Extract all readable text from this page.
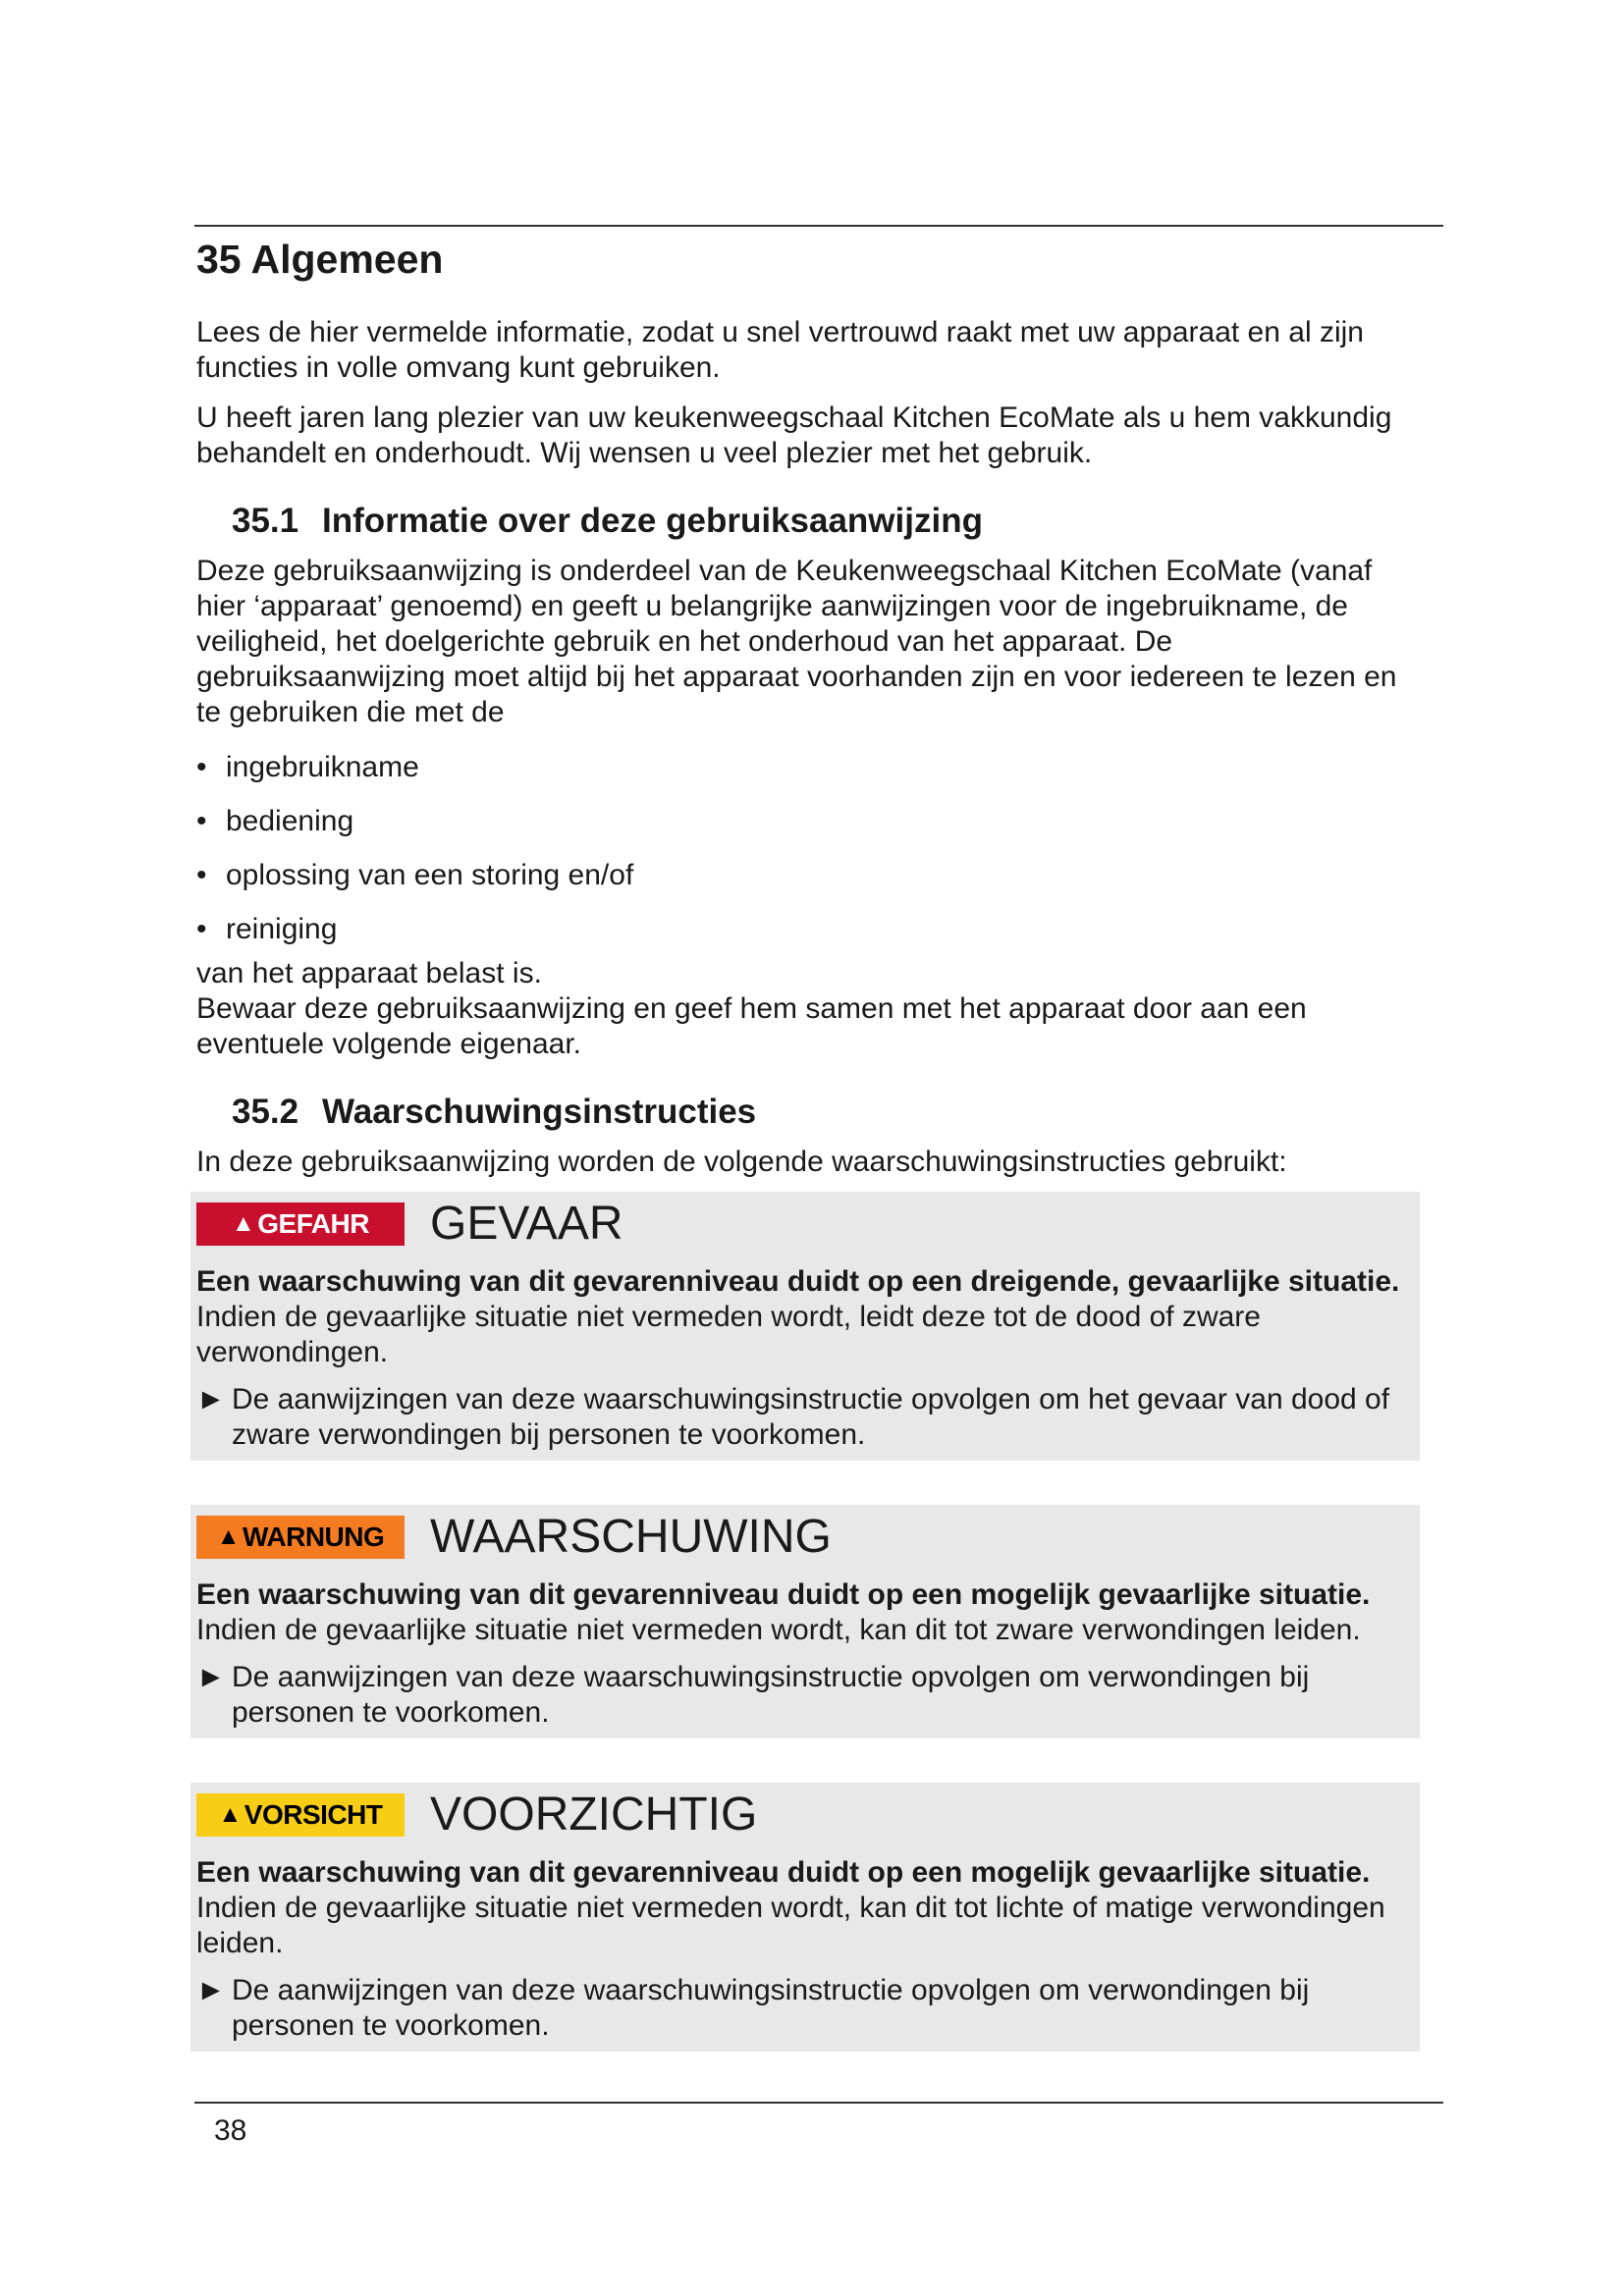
35 Algemeen

Lees de hier vermelde informatie, zodat u snel vertrouwd raakt met uw apparaat en al zijn functies in volle omvang kunt gebruiken.

U heeft jaren lang plezier van uw keukenweegschaal Kitchen EcoMate als u hem vakkundig behandelt en onderhoudt. Wij wensen u veel plezier met het gebruik.

35.1 Informatie over deze gebruiksaanwijzing

Deze gebruiksaanwijzing is onderdeel van de Keukenweegschaal Kitchen EcoMate (vanaf hier ‘apparaat’ genoemd) en geeft u belangrijke aanwijzingen voor de ingebruikname, de veiligheid, het doelgerichte gebruik en het onderhoud van het apparaat. De gebruiksaanwijzing moet altijd bij het apparaat voorhanden zijn en voor iedereen te lezen en te gebruiken die met de

• ingebruikname
• bediening
• oplossing van een storing en/of
• reiniging

van het apparaat belast is.
Bewaar deze gebruiksaanwijzing en geef hem samen met het apparaat door aan een eventuele volgende eigenaar.

35.2 Waarschuwingsinstructies

In deze gebruiksaanwijzing worden de volgende waarschuwingsinstructies gebruikt:

▲ GEFAHR GEVAAR

Een waarschuwing van dit gevarenniveau duidt op een dreigende, gevaarlijke situatie. Indien de gevaarlijke situatie niet vermeden wordt, leidt deze tot de dood of zware verwondingen.

► De aanwijzingen van deze waarschuwingsinstructie opvolgen om het gevaar van dood of zware verwondingen bij personen te voorkomen.

▲ WARNUNG WAARSCHUWING

Een waarschuwing van dit gevarenniveau duidt op een mogelijk gevaarlijke situatie. Indien de gevaarlijke situatie niet vermeden wordt, kan dit tot zware verwondingen leiden.

► De aanwijzingen van deze waarschuwingsinstructie opvolgen om verwondingen bij personen te voorkomen.

▲ VORSICHT VOORZICHTIG

Een waarschuwing van dit gevarenniveau duidt op een mogelijk gevaarlijke situatie. Indien de gevaarlijke situatie niet vermeden wordt, kan dit tot lichte of matige verwondingen leiden.

► De aanwijzingen van deze waarschuwingsinstructie opvolgen om verwondingen bij personen te voorkomen.

38
